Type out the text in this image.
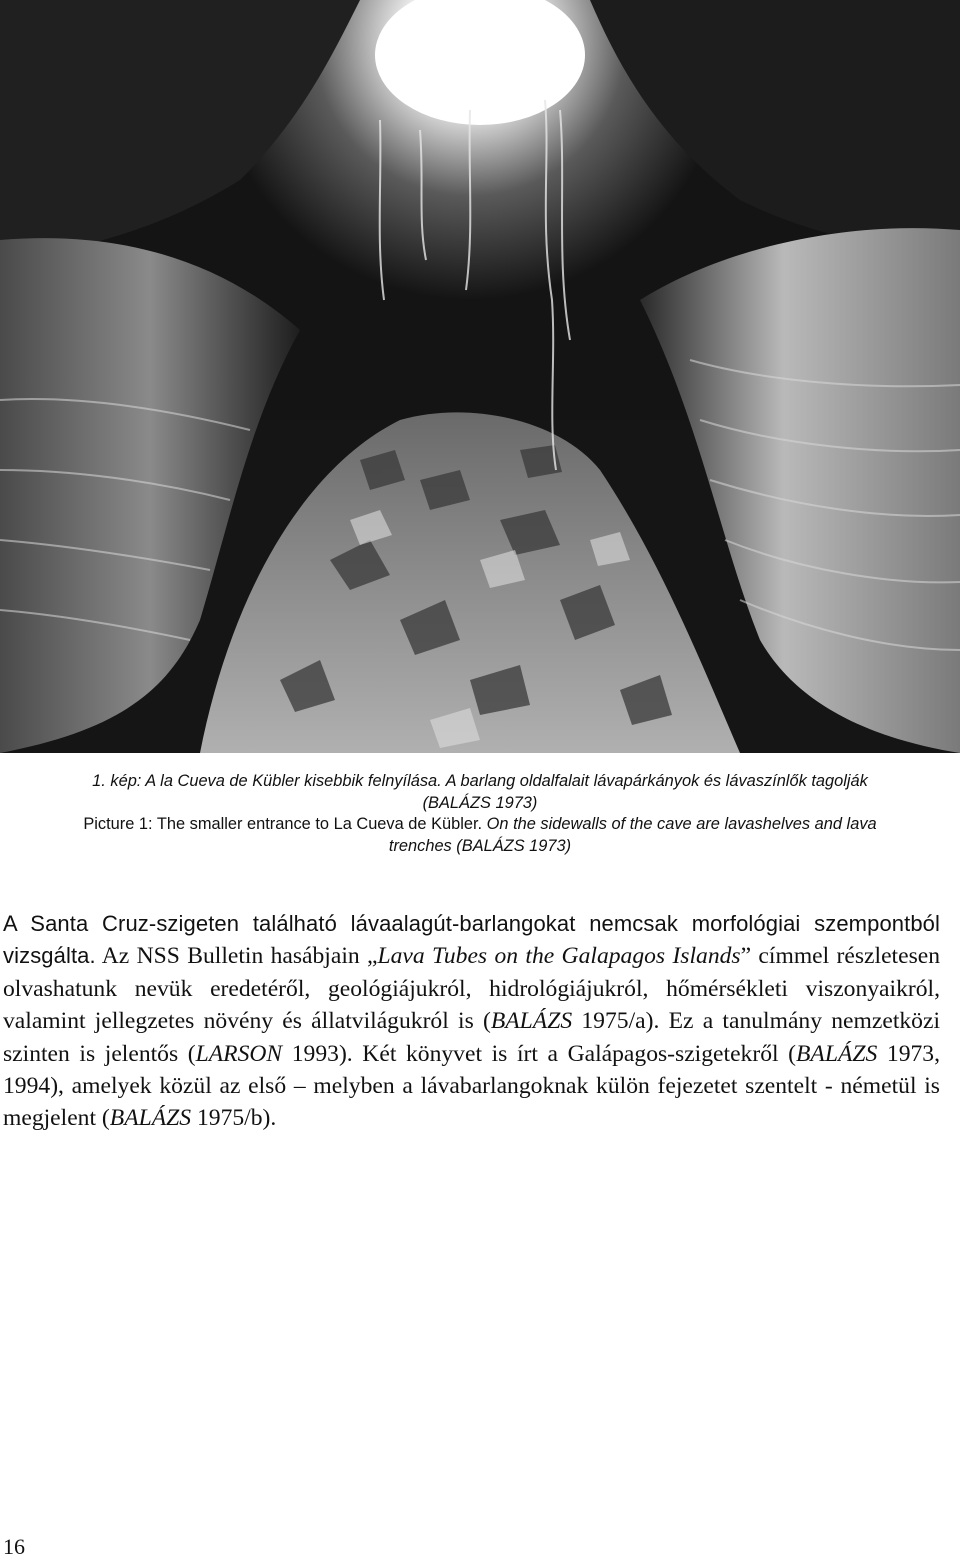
1. kép: A la Cueva de Kübler kisebbik felnyílása. A barlang oldalfalait lávapárkányok és lávaszínlők tagolják
(BALÁZS 1973)
Picture 1: The smaller entrance to La Cueva de Kübler. On the sidewalls of the cave are lavashelves and lava
trenches (BALÁZS 1973)
A Santa Cruz-szigeten található lávaalagút-barlangokat nemcsak morfológiai szempontból vizsgálta. Az NSS Bulletin hasábjain „Lava Tubes on the Galapagos Islands” címmel részletesen olvashatunk nevük eredetéről, geológiájukról, hidrológiájukról, hőmérsékleti viszonyaikról, valamint jellegzetes növény és állatvilágukról is (BALÁZS 1975/a). Ez a tanulmány nemzetközi szinten is jelentős (LARSON 1993). Két könyvet is írt a Galápagos-szigetekről (BALÁZS 1973, 1994), amelyek közül az első – melyben a lávabarlangoknak külön fejezetet szentelt - németül is megjelent (BALÁZS 1975/b).
16
